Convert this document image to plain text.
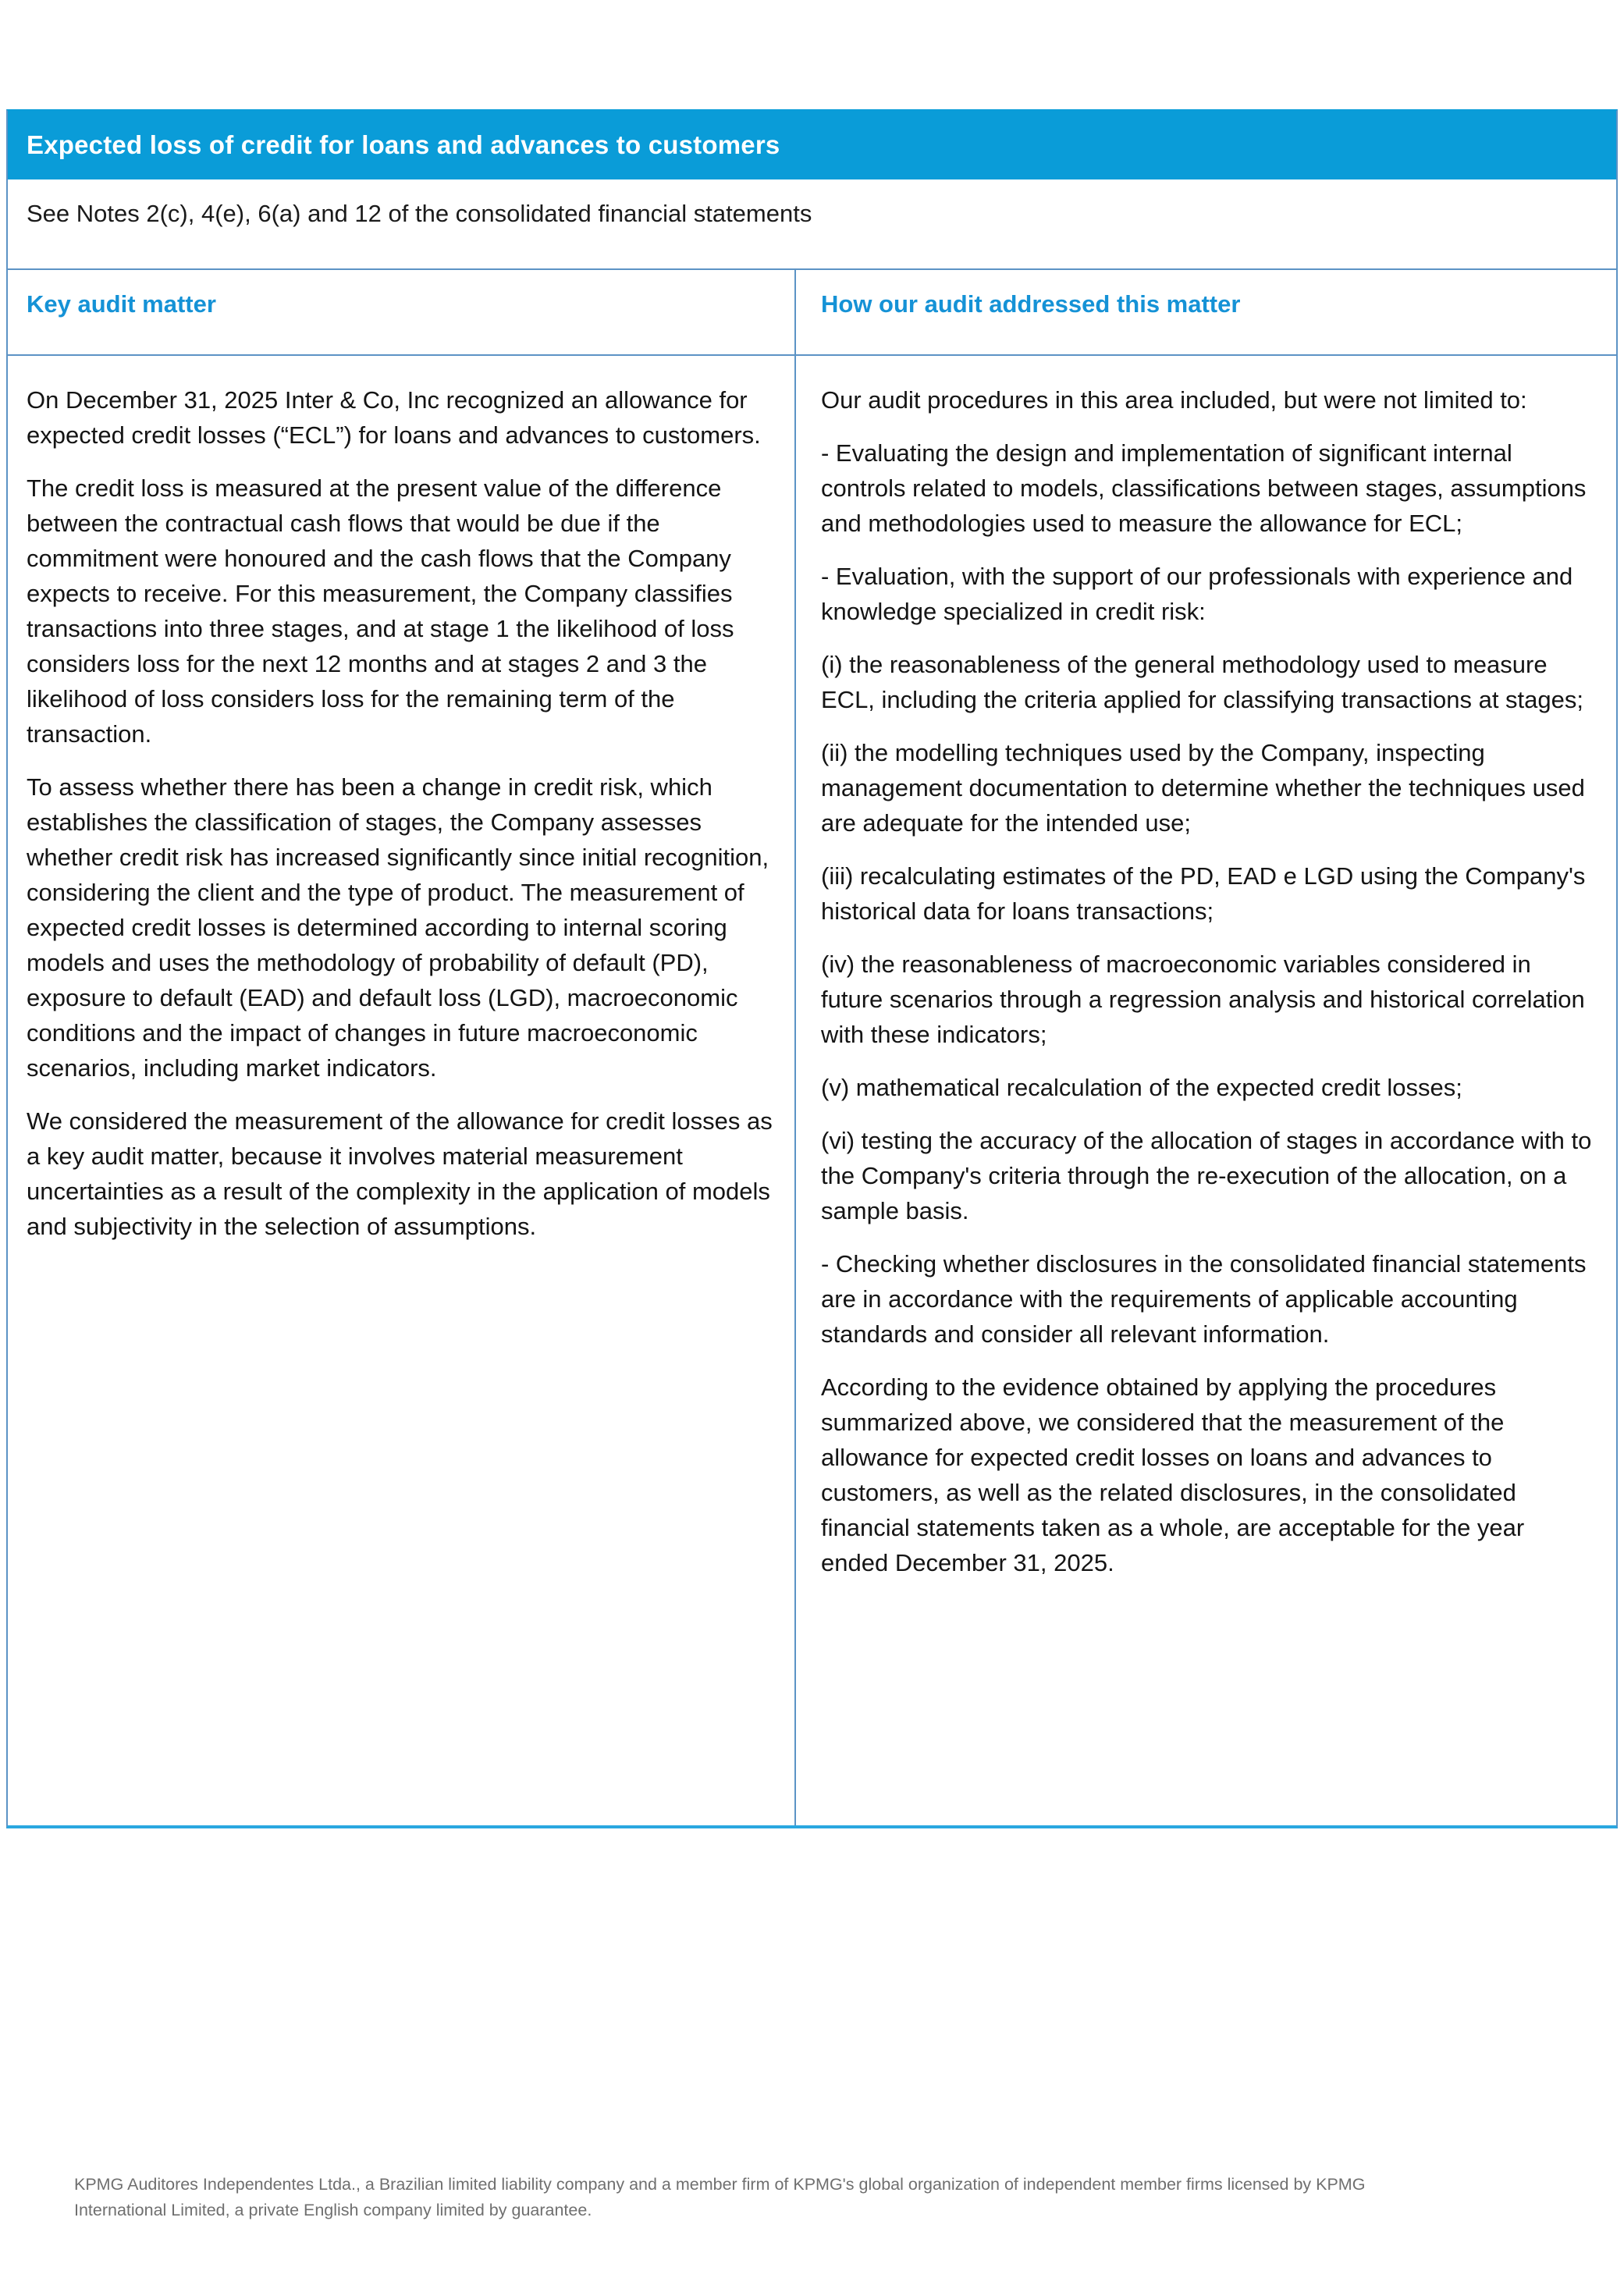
Expected loss of credit for loans and advances to customers
See Notes 2(c), 4(e), 6(a) and 12 of the consolidated financial statements
Key audit matter	How our audit addressed this matter

On December 31, 2025 Inter & Co, Inc recognized an allowance for expected credit losses (“ECL”) for loans and advances to customers.

The credit loss is measured at the present value of the difference between the contractual cash flows that would be due if the commitment were honoured and the cash flows that the Company expects to receive. For this measurement, the Company classifies transactions into three stages, and at stage 1 the likelihood of loss considers loss for the next 12 months and at stages 2 and 3 the likelihood of loss considers loss for the remaining term of the transaction.

To assess whether there has been a change in credit risk, which establishes the classification of stages, the Company assesses whether credit risk has increased significantly since initial recognition, considering the client and the type of product. The measurement of expected credit losses is determined according to internal scoring models and uses the methodology of probability of default (PD), exposure to default (EAD) and default loss (LGD), macroeconomic conditions and the impact of changes in future macroeconomic scenarios, including market indicators.

We considered the measurement of the allowance for credit losses as a key audit matter, because it involves material measurement uncertainties as a result of the complexity in the application of models and subjectivity in the selection of assumptions.

Our audit procedures in this area included, but were not limited to:

- Evaluating the design and implementation of significant internal controls related to models, classifications between stages, assumptions and methodologies used to measure the allowance for ECL;

- Evaluation, with the support of our professionals with experience and knowledge specialized in credit risk:

(i) the reasonableness of the general methodology used to measure ECL, including the criteria applied for classifying transactions at stages;

(ii) the modelling techniques used by the Company, inspecting management documentation to determine whether the techniques used are adequate for the intended use;

(iii) recalculating estimates of the PD, EAD e LGD using the Company's historical data for loans transactions;

(iv) the reasonableness of macroeconomic variables considered in future scenarios through a regression analysis and historical correlation with these indicators;

(v) mathematical recalculation of the expected credit losses;

(vi) testing the accuracy of the allocation of stages in accordance with to the Company's criteria through the re-execution of the allocation, on a sample basis.

- Checking whether disclosures in the consolidated financial statements are in accordance with the requirements of applicable accounting standards and consider all relevant information.

According to the evidence obtained by applying the procedures summarized above, we considered that the measurement of the allowance for expected credit losses on loans and advances to customers, as well as the related disclosures, in the consolidated financial statements taken as a whole, are acceptable for the year ended December 31, 2025.

KPMG Auditores Independentes Ltda., a Brazilian limited liability company and a member firm of KPMG's global organization of independent member firms licensed by KPMG
International Limited, a private English company limited by guarantee.
